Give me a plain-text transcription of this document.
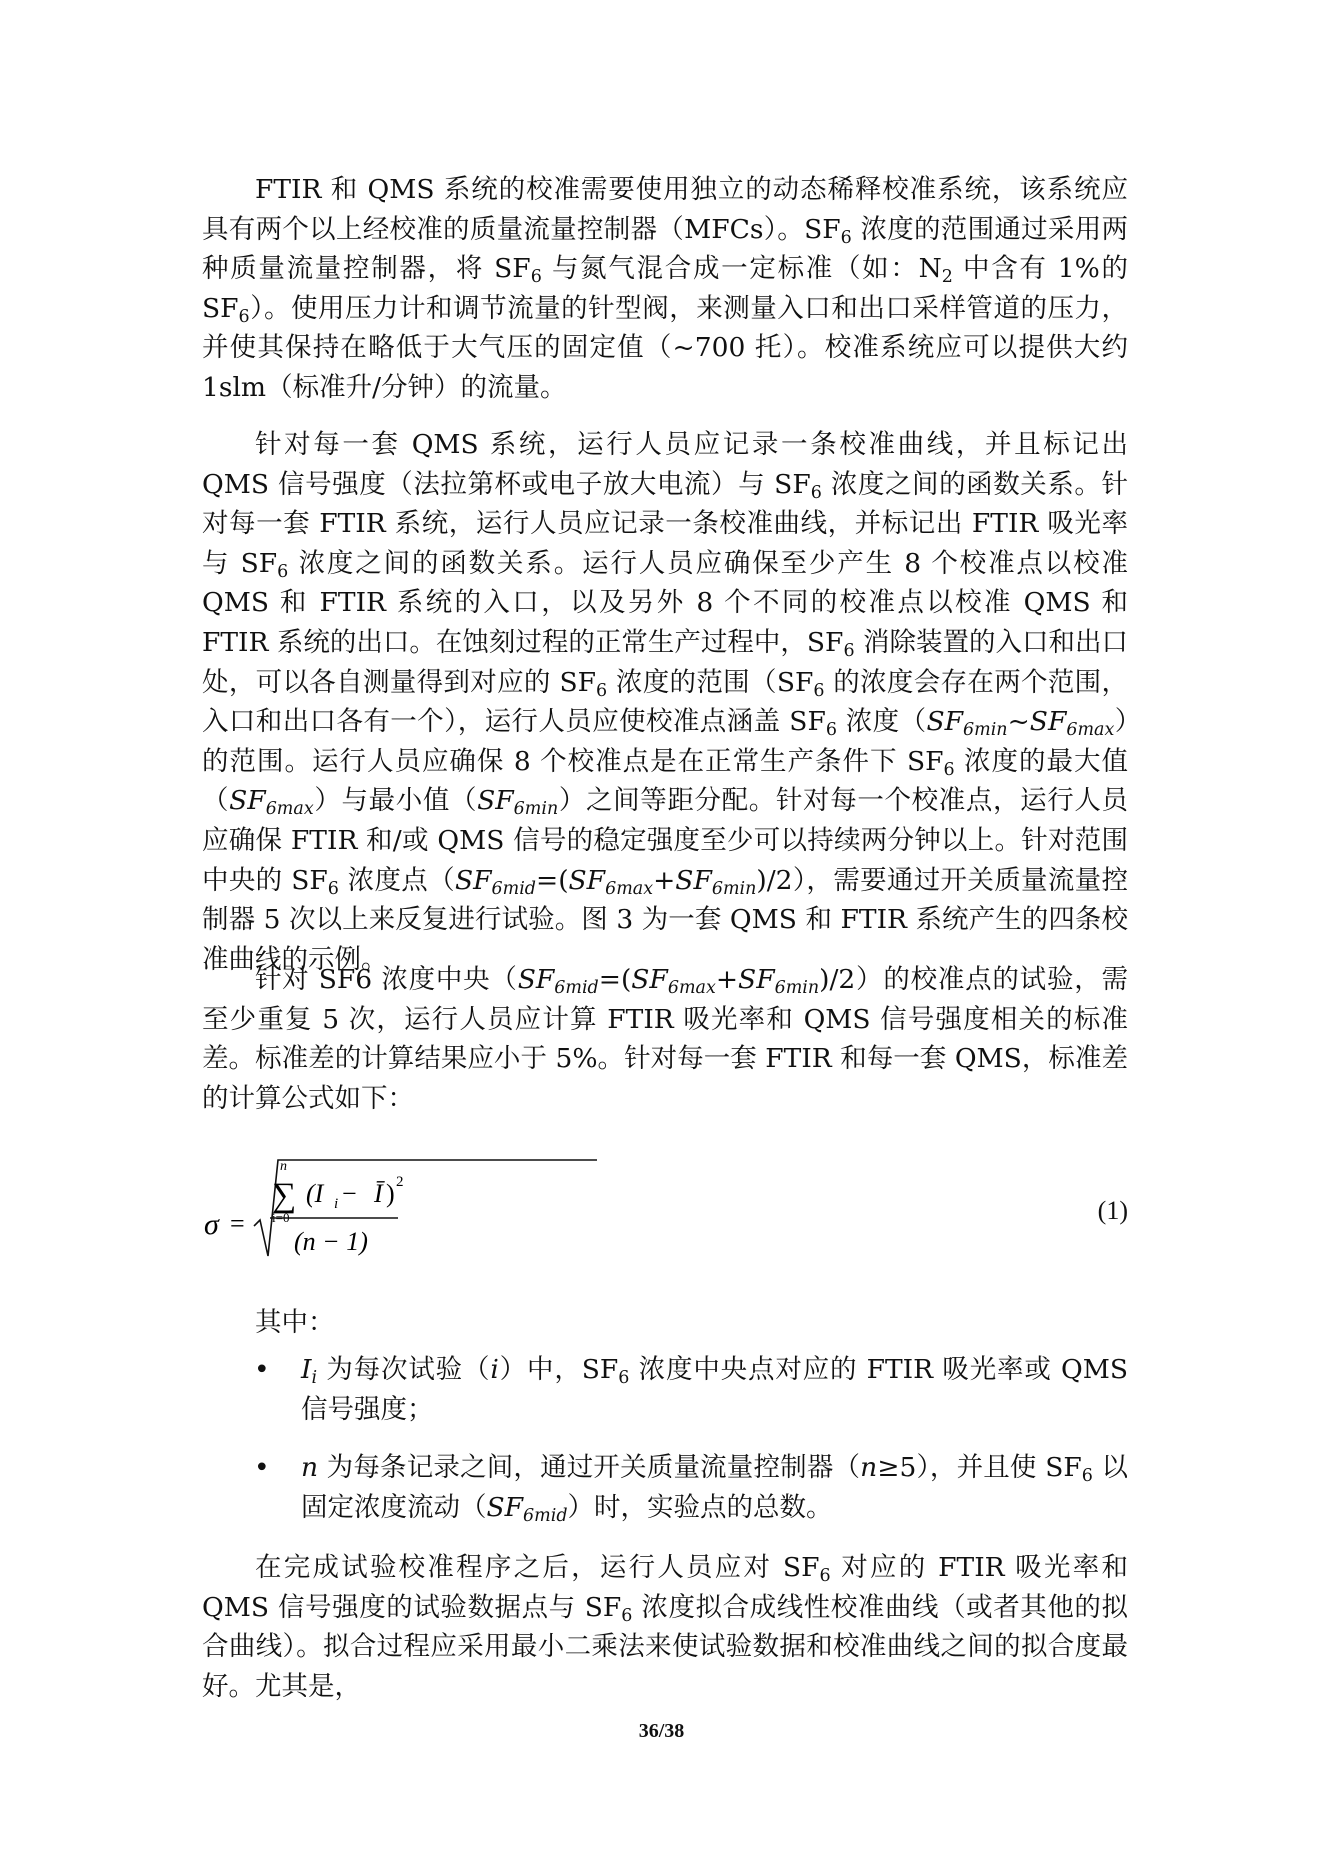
FTIR 和 QMS 系统的校准需要使用独立的动态稀释校准系统，该系统应具有两个以上经校准的质量流量控制器（MFCs）。$SF_6$ 浓度的范围通过采用两种质量流量控制器，将 $SF_6$ 与氮气混合成一定标准（如：$N_2$ 中含有 1%的 $SF_6$）。使用压力计和调节流量的针型阀，来测量入口和出口采样管道的压力，并使其保持在略低于大气压的固定值（~700 托）。校准系统应可以提供大约 1slm（标准升/分钟）的流量。

针对每一套 QMS 系统，运行人员应记录一条校准曲线，并且标记出 QMS 信号强度（法拉第杯或电子放大电流）与 $SF_6$ 浓度之间的函数关系。针对每一套 FTIR 系统，运行人员应记录一条校准曲线，并标记出 FTIR 吸光率与 $SF_6$ 浓度之间的函数关系。运行人员应确保至少产生 8 个校准点以校准 QMS 和 FTIR 系统的入口，以及另外 8 个不同的校准点以校准 QMS 和 FTIR 系统的出口。在蚀刻过程的正常生产过程中，$SF_6$ 消除装置的入口和出口处，可以各自测量得到对应的 $SF_6$ 浓度的范围（$SF_6$ 的浓度会存在两个范围，入口和出口各有一个），运行人员应使校准点涵盖 $SF_6$ 浓度$(SF_{6min}\sim SF_{6max})$的范围。运行人员应确保 8 个校准点是在正常生产条件下 $SF_6$ 浓度的最大值$(SF_{6max})$与最小值$(SF_{6min})$之间等距分配。针对每一个校准点，运行人员应确保 FTIR 和/或 QMS 信号的稳定强度至少可以持续两分钟以上。针对范围中央的 $SF_6$ 浓度点$(SF_{6mid}=(SF_{6max}+SF_{6min})/2)$，需要通过开关质量流量控制器 5 次以上来反复进行试验。图 3 为一套 QMS 和 FTIR 系统产生的四条校准曲线的示例。

针对 SF6 浓度中央$(SF_{6mid}=(SF_{6max}+SF_{6min})/2)$的校准点的试验，需至少重复 5 次，运行人员应计算 FTIR 吸光率和 QMS 信号强度相关的标准差。标准差的计算结果应小于 5%。针对每一套 FTIR 和每一套 QMS，标准差的计算公式如下：

σ =
n
∑
i=0
(I i − Ī ) 2
(n − 1)
(1)
其中：
• $I_i$ 为每次试验（i）中，$SF_6$ 浓度中央点对应的 FTIR 吸光率或 QMS 信号强度；
• n 为每条记录之间，通过开关质量流量控制器（n≥5），并且使 $SF_6$ 以固定浓度流动$(SF_{6mid})$时，实验点的总数。

在完成试验校准程序之后，运行人员应对 $SF_6$ 对应的 FTIR 吸光率和 QMS 信号强度的试验数据点与 $SF_6$ 浓度拟合成线性校准曲线（或者其他的拟合曲线）。拟合过程应采用最小二乘法来使试验数据和校准曲线之间的拟合度最好。尤其是，

36/38
